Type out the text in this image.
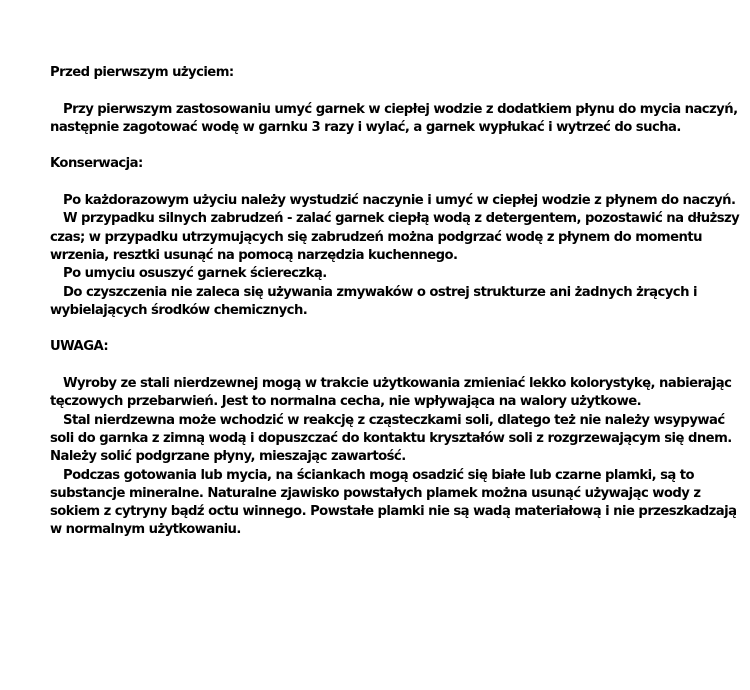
Przed pierwszym użyciem:

Przy pierwszym zastosowaniu umyć garnek w ciepłej wodzie z dodatkiem płynu do mycia naczyń, następnie zagotować wodę w garnku 3 razy i wylać, a garnek wypłukać i wytrzeć do sucha.

Konserwacja:

Po każdorazowym użyciu należy wystudzić naczynie i umyć w ciepłej wodzie z płynem do naczyń.

W przypadku silnych zabrudzeń - zalać garnek ciepłą wodą z detergentem, pozostawić na dłuższy czas; w przypadku utrzymujących się zabrudzeń można podgrzać wodę z płynem do momentu wrzenia, resztki usunąć na pomocą narzędzia kuchennego.

Po umyciu osuszyć garnek ściereczką.

Do czyszczenia nie zaleca się używania zmywaków o ostrej strukturze ani żadnych żrących i wybielających środków chemicznych.

UWAGA:

Wyroby ze stali nierdzewnej mogą w trakcie użytkowania zmieniać lekko kolorystykę, nabierając tęczowych przebarwień. Jest to normalna cecha, nie wpływająca na walory użytkowe.

Stal nierdzewna może wchodzić w reakcję z cząsteczkami soli, dlatego też nie należy wsypywać soli do garnka z zimną wodą i dopuszczać do kontaktu kryształów soli z rozgrzewającym się dnem. Należy solić podgrzane płyny, mieszając zawartość.

Podczas gotowania lub mycia, na ściankach mogą osadzić się białe lub czarne plamki, są to substancje mineralne. Naturalne zjawisko powstałych plamek można usunąć używając wody z sokiem z cytryny bądź octu winnego. Powstałe plamki nie są wadą materiałową i nie przeszkadzają w normalnym użytkowaniu.
